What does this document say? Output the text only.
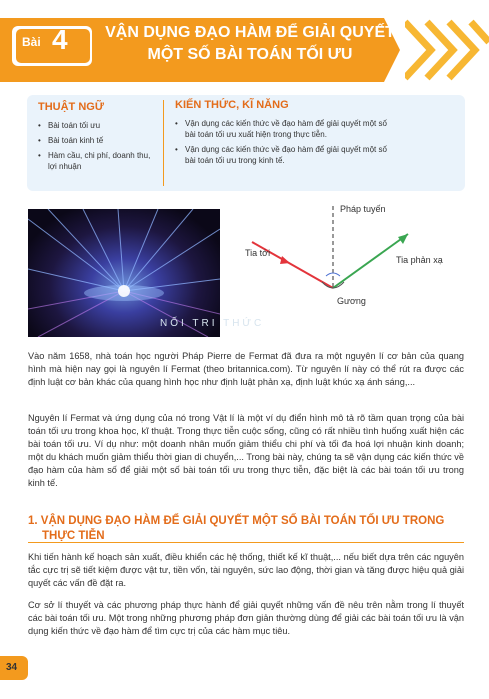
Bài 4	VẬN DỤNG ĐẠO HÀM ĐỂ GIẢI QUYẾT
MỘT SỐ BÀI TOÁN TỐI ƯU
THUẬT NGỮ
• Bài toán tối ưu
• Bài toán kinh tế
• Hàm cầu, chi phí, doanh thu, lợi nhuận
KIẾN THỨC, KĨ NĂNG
• Vận dụng các kiến thức về đạo hàm để giải quyết một số bài toán tối ưu xuất hiện trong thực tiễn.
• Vận dụng các kiến thức về đạo hàm để giải quyết một số bài toán tối ưu trong kinh tế.
Pháp tuyến
Tia tới
Tia phản xạ
Gương
NỐI TRI THỨC

Vào năm 1658, nhà toán học người Pháp Pierre de Fermat đã đưa ra một nguyên lí cơ bản của quang hình mà hiện nay gọi là nguyên lí Fermat (theo britannica.com). Từ nguyên lí này có thể rút ra được các định luật cơ bản khác của quang hình học như định luật phản xạ, định luật khúc xạ ánh sáng,...

Nguyên lí Fermat và ứng dụng của nó trong Vật lí là một ví dụ điển hình mô tả rõ tầm quan trọng của bài toán tối ưu trong khoa học, kĩ thuật. Trong thực tiễn cuộc sống, cũng có rất nhiều tình huống xuất hiện các bài toán tối ưu. Ví dụ như: một doanh nhân muốn giảm thiểu chi phí và tối đa hoá lợi nhuận kinh doanh; một du khách muốn giảm thiểu thời gian di chuyển,... Trong bài này, chúng ta sẽ vận dụng các kiến thức về đạo hàm của hàm số để giải một số bài toán tối ưu trong thực tiễn, đặc biệt là các bài toán tối ưu trong kinh tế.

1. VẬN DỤNG ĐẠO HÀM ĐỂ GIẢI QUYẾT MỘT SỐ BÀI TOÁN TỐI ƯU TRONG
THỰC TIỄN

Khi tiến hành kế hoạch sản xuất, điều khiển các hệ thống, thiết kế kĩ thuật,... nếu biết dựa trên các nguyên tắc cực trị sẽ tiết kiệm được vật tư, tiền vốn, tài nguyên, sức lao động, thời gian và tăng được hiệu quả giải quyết các vấn đề đặt ra.

Cơ sở lí thuyết và các phương pháp thực hành để giải quyết những vấn đề nêu trên nằm trong lí thuyết các bài toán tối ưu. Một trong những phương pháp đơn giản thường dùng để giải các bài toán tối ưu là vận dụng kiến thức về đạo hàm để tìm cực trị của các hàm mục tiêu.

34
